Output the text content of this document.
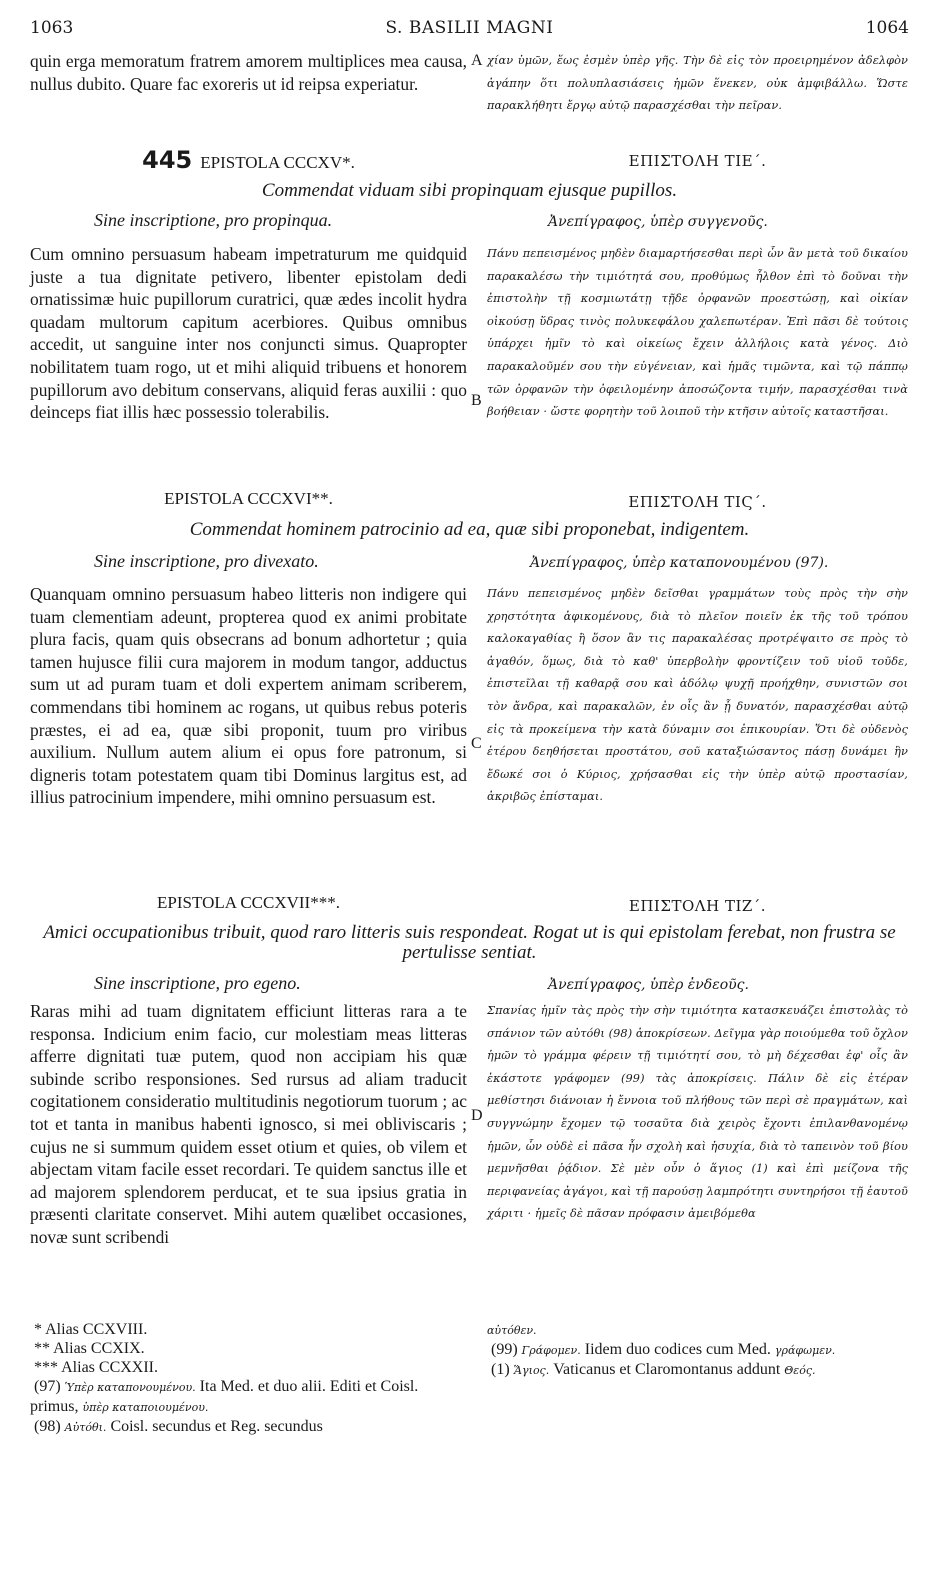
1063	S. BASILII MAGNI	1064

quin erga memoratum fratrem amorem multiplices mea causa, nullus dubito. Quare fac exoreris ut id reipsa experiatur.

χίαν ὑμῶν, ἕως ἐσμὲν ὑπὲρ γῆς. Τὴν δὲ εἰς τὸν προειρημένον ἀδελφὸν ἀγάπην ὅτι πολυπλασιάσεις ἡμῶν ἕνεκεν, οὐκ ἀμφιβάλλω. Ὥστε παρακλήθητι ἔργῳ αὐτῷ παρασχέσθαι τὴν πεῖραν.

A
445 EPISTOLA CCCXV*.	ΕΠΙΣΤΟΛΗ ΤΙΕ΄.
Commendat viduam sibi propinquam ejusque pupillos.
Sine inscriptione, pro propinqua.	Ἀνεπίγραφος, ὑπὲρ συγγενοῦς.

Cum omnino persuasum habeam impetraturum me quidquid juste a tua dignitate petivero, libenter epistolam dedi ornatissimæ huic pupillorum curatrici, quæ ædes incolit hydra quadam multorum capitum acerbiores. Quibus omnibus accedit, ut sanguine inter nos conjuncti simus. Quapropter nobilitatem tuam rogo, ut et mihi aliquid tribuens et honorem pupillorum avo debitum conservans, aliquid feras auxilii : quo deinceps fiat illis hæc possessio tolerabilis.

Πάνυ πεπεισμένος μηδὲν διαμαρτήσεσθαι περὶ ὧν ἂν μετὰ τοῦ δικαίου παρακαλέσω τὴν τιμιότητά σου, προθύμως ἦλθον ἐπὶ τὸ δοῦναι τὴν ἐπιστολὴν τῇ κοσμιωτάτῃ τῇδε ὀρφανῶν προεστώσῃ, καὶ οἰκίαν οἰκούσῃ ὕδρας τινὸς πολυκεφάλου χαλεπωτέραν. Ἐπὶ πᾶσι δὲ τούτοις ὑπάρχει ἡμῖν τὸ καὶ οἰκείως ἔχειν ἀλλήλοις κατὰ γένος. Διὸ παρακαλοῦμέν σου τὴν εὐγένειαν, καὶ ἡμᾶς τιμῶντα, καὶ τῷ πάππῳ τῶν ὀρφανῶν τὴν ὀφειλομένην ἀποσώζοντα τιμήν, παρασχέσθαι τινὰ βοήθειαν · ὥστε φορητὴν τοῦ λοιποῦ τὴν κτῆσιν αὐτοῖς καταστῆσαι.

B
EPISTOLA CCCXVI**.	ΕΠΙΣΤΟΛΗ ΤΙϚ΄.
Commendat hominem patrocinio ad ea, quæ sibi proponebat, indigentem.
Sine inscriptione, pro divexato.	Ἀνεπίγραφος, ὑπὲρ καταπονουμένου (97).

Quanquam omnino persuasum habeo litteris non indigere qui tuam clementiam adeunt, propterea quod ex animi probitate plura facis, quam quis obsecrans ad bonum adhortetur ; quia tamen hujusce filii cura majorem in modum tangor, adductus sum ut ad puram tuam et doli expertem animam scriberem, commendans tibi hominem ac rogans, ut quibus rebus poteris præstes, ei ad ea, quæ sibi proponit, tuum pro viribus auxilium. Nullum autem alium ei opus fore patronum, si digneris totam potestatem quam tibi Dominus largitus est, ad illius patrocinium impendere, mihi omnino persuasum est.

Πάνυ πεπεισμένος μηδὲν δεῖσθαι γραμμάτων τοὺς πρὸς τὴν σὴν χρηστότητα ἀφικομένους, διὰ τὸ πλεῖον ποιεῖν ἐκ τῆς τοῦ τρόπου καλοκαγαθίας ἢ ὅσον ἂν τις παρακαλέσας προτρέψαιτο σε πρὸς τὸ ἀγαθόν, ὅμως, διὰ τὸ καθ' ὑπερβολὴν φροντίζειν τοῦ υἱοῦ τοῦδε, ἐπιστεῖλαι τῇ καθαρᾷ σου καὶ ἀδόλῳ ψυχῇ προήχθην, συνιστῶν σοι τὸν ἄνδρα, καὶ παρακαλῶν, ἐν οἷς ἂν ᾖ δυνατόν, παρασχέσθαι αὐτῷ εἰς τὰ προκείμενα τὴν κατὰ δύναμιν σοι ἐπικουρίαν. Ὅτι δὲ οὐδενὸς ἑτέρου δεηθήσεται προστάτου, σοῦ καταξιώσαντος πάσῃ δυνάμει ἣν ἔδωκέ σοι ὁ Κύριος, χρήσασθαι εἰς τὴν ὑπὲρ αὐτῷ προστασίαν, ἀκριβῶς ἐπίσταμαι.

C
EPISTOLA CCCXVII***.	ΕΠΙΣΤΟΛΗ ΤΙΖ΄.
Amici occupationibus tribuit, quod raro litteris suis respondeat. Rogat ut is qui epistolam ferebat, non frustra se pertulisse sentiat.
Sine inscriptione, pro egeno.	Ἀνεπίγραφος, ὑπὲρ ἐνδεοῦς.

Raras mihi ad tuam dignitatem efficiunt litteras rara a te responsa. Indicium enim facio, cur molestiam meas litteras afferre dignitati tuæ putem, quod non accipiam his quæ subinde scribo responsiones. Sed rursus ad aliam traducit cogitationem consideratio multitudinis negotiorum tuorum ; ac tot et tanta in manibus habenti ignosco, si mei obliviscaris ; cujus ne si summum quidem esset otium et quies, ob vilem et abjectam vitam facile esset recordari. Te quidem sanctus ille et ad majorem splendorem perducat, et te sua ipsius gratia in præsenti claritate conservet. Mihi autem quælibet occasiones, novæ sunt scribendi

Σπανίας ἡμῖν τὰς πρὸς τὴν σὴν τιμιότητα κατασκευάζει ἐπιστολὰς τὸ σπάνιον τῶν αὐτόθι (98) ἀποκρίσεων. Δεῖγμα γὰρ ποιούμεθα τοῦ ὄχλον ἡμῶν τὸ γράμμα φέρειν τῇ τιμιότητί σου, τὸ μὴ δέχεσθαι ἐφ' οἷς ἂν ἑκάστοτε γράφομεν (99) τὰς ἀποκρίσεις. Πάλιν δὲ εἰς ἑτέραν μεθίστησι διάνοιαν ἡ ἔννοια τοῦ πλήθους τῶν περὶ σὲ πραγμάτων, καὶ συγγνώμην ἔχομεν τῷ τοσαῦτα διὰ χειρὸς ἔχοντι ἐπιλανθανομένῳ ἡμῶν, ὧν οὐδὲ εἰ πᾶσα ἦν σχολὴ καὶ ἡσυχία, διὰ τὸ ταπεινὸν τοῦ βίου μεμνῆσθαι ῥᾴδιον. Σὲ μὲν οὖν ὁ ἅγιος (1) καὶ ἐπὶ μείζονα τῆς περιφανείας ἀγάγοι, καὶ τῇ παρούσῃ λαμπρότητι συντηρήσοι τῇ ἑαυτοῦ χάριτι · ἡμεῖς δὲ πᾶσαν πρόφασιν ἀμειβόμεθα

D
* Alias CCXVIII.
** Alias CCXIX.
*** Alias CCXXII.
(97) Ὑπὲρ καταπονουμένου. Ita Med. et duo alii. Editi et Coisl. primus, ὑπὲρ καταποιουμένου.
(98) Αὐτόθι. Coisl. secundus et Reg. secundus
αὐτόθεν.
(99) Γράφομεν. Iidem duo codices cum Med. γράφωμεν.
(1) Ἅγιος. Vaticanus et Claromontanus addunt Θεός.
